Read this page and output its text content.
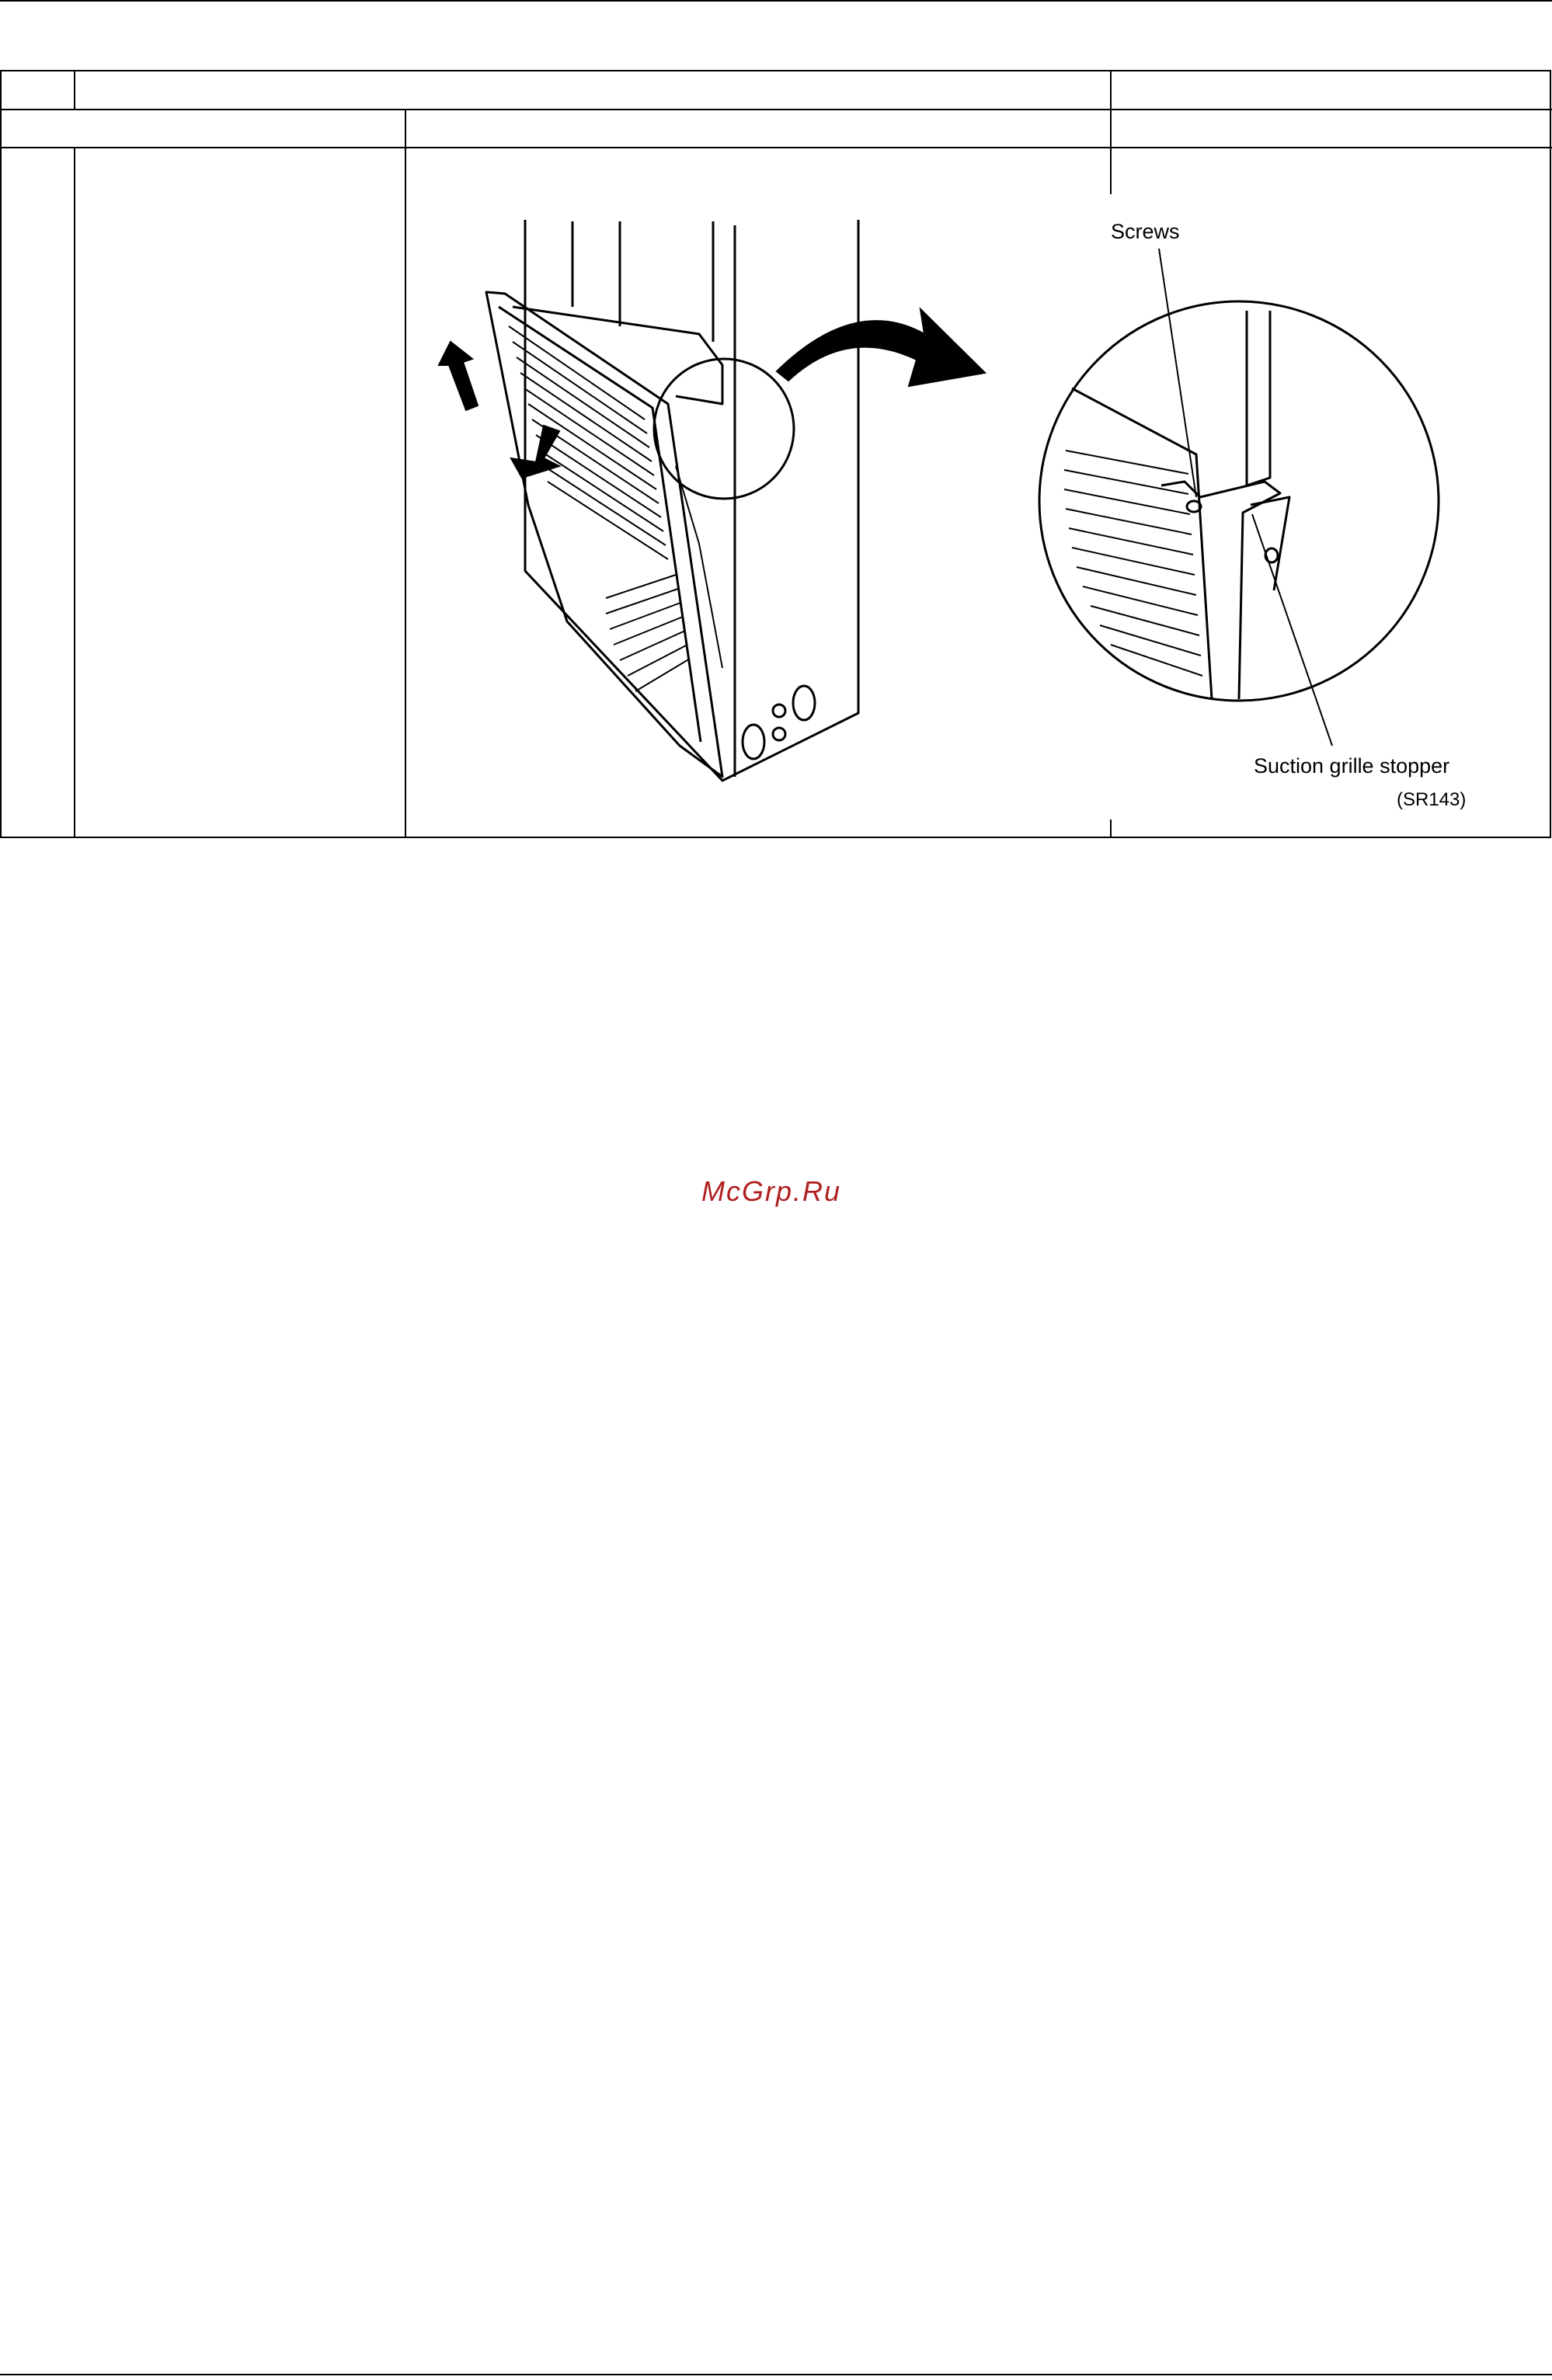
Screws
Suction grille stopper
(SR143)
McGrp.Ru
